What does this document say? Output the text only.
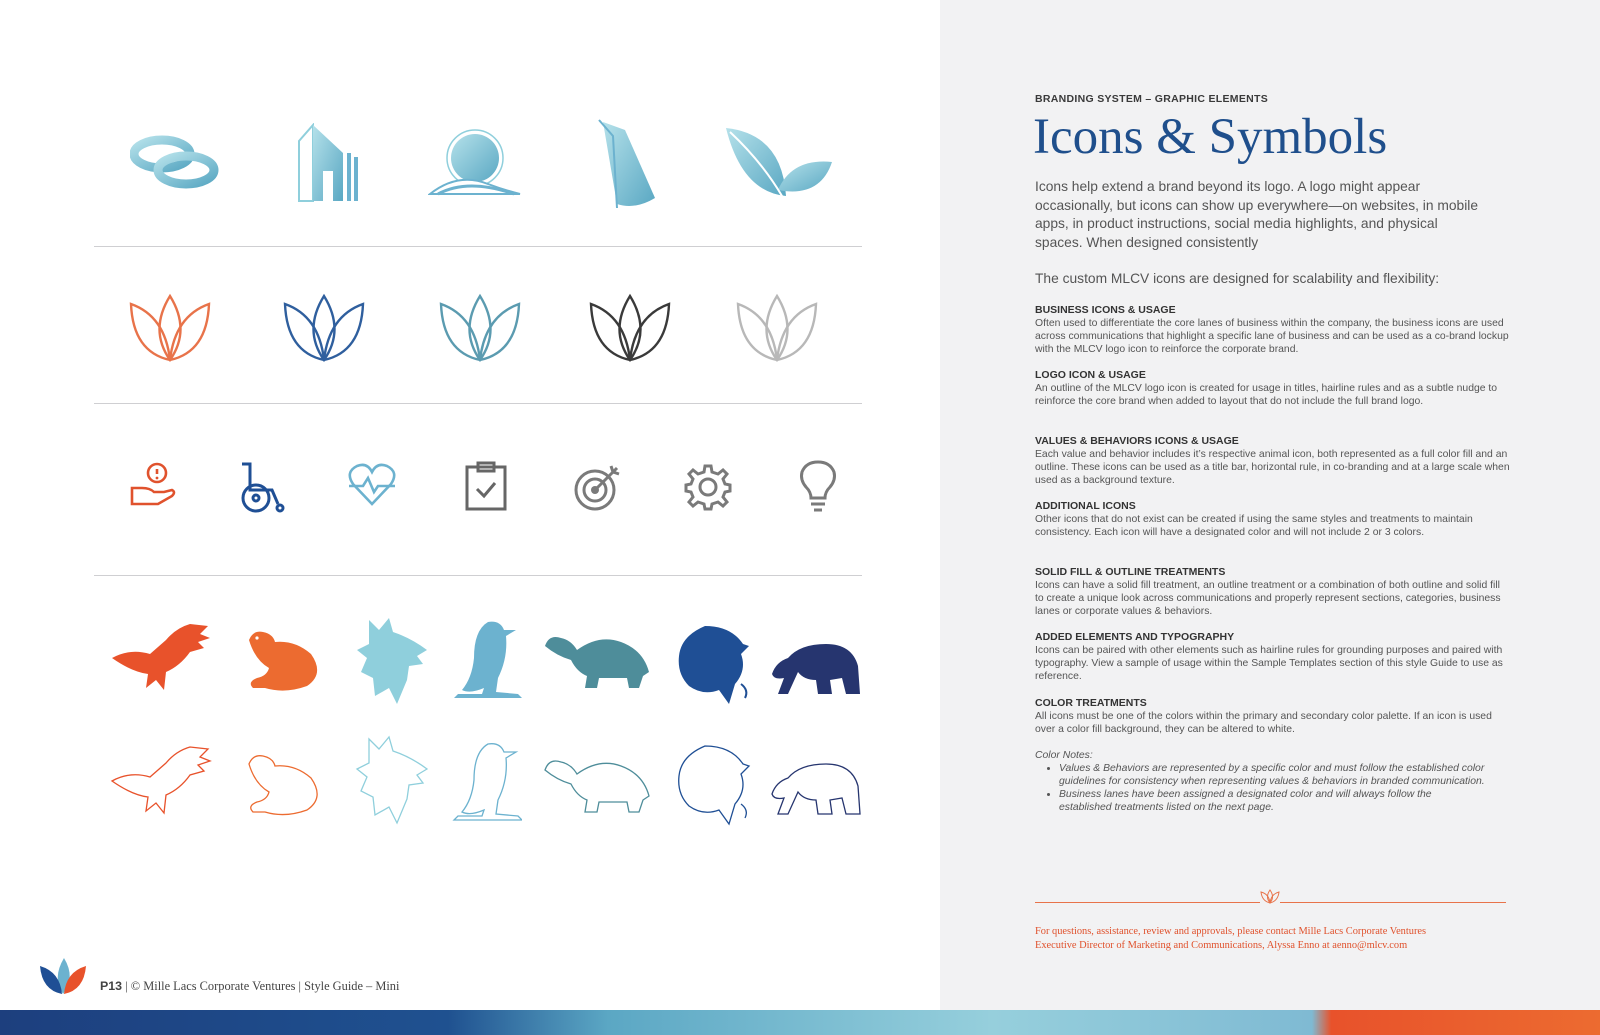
P13 | © Mille Lacs Corporate Ventures | Style Guide – Mini
BRANDING SYSTEM – GRAPHIC ELEMENTS
Icons & Symbols
Icons help extend a brand beyond its logo. A logo might appear occasionally, but icons can show up everywhere—on websites, in mobile apps, in product instructions, social media highlights, and physical spaces. When designed consistently
The custom MLCV icons are designed for scalability and flexibility:
BUSINESS ICONS & USAGE

Often used to differentiate the core lanes of business within the company, the business icons are used across communications that highlight a specific lane of business and can be used as a co-brand lockup with the MLCV logo icon to reinforce the corporate brand.

LOGO ICON & USAGE

An outline of the MLCV logo icon is created for usage in titles, hairline rules and as a subtle nudge to reinforce the core brand when added to layout that do not include the full brand logo.

VALUES & BEHAVIORS ICONS & USAGE

Each value and behavior includes it’s respective animal icon, both represented as a full color fill and an outline. These icons can be used as a title bar, horizontal rule, in co-branding and at a large scale when used as a background texture.

ADDITIONAL ICONS

Other icons that do not exist can be created if using the same styles and treatments to maintain consistency. Each icon will have a designated color and will not include 2 or 3 colors.

SOLID FILL & OUTLINE TREATMENTS

Icons can have a solid fill treatment, an outline treatment or a combination of both outline and solid fill to create a unique look across communications and properly represent sections, categories, business lanes or corporate values & behaviors.

ADDED ELEMENTS AND TYPOGRAPHY

Icons can be paired with other elements such as hairline rules for grounding purposes and paired with typography. View a sample of usage within the Sample Templates section of this style Guide to use as reference.

COLOR TREATMENTS

All icons must be one of the colors within the primary and secondary color palette. If an icon is used over a color fill background, they can be altered to white.

Color Notes:
• Values & Behaviors are represented by a specific color and must follow the established color guidelines for consistency when representing values & behaviors in branded communication.
• Business lanes have been assigned a designated color and will always follow the established treatments listed on the next page.
For questions, assistance, review and approvals, please contact Mille Lacs Corporate Ventures
Executive Director of Marketing and Communications, Alyssa Enno at aenno@mlcv.com
